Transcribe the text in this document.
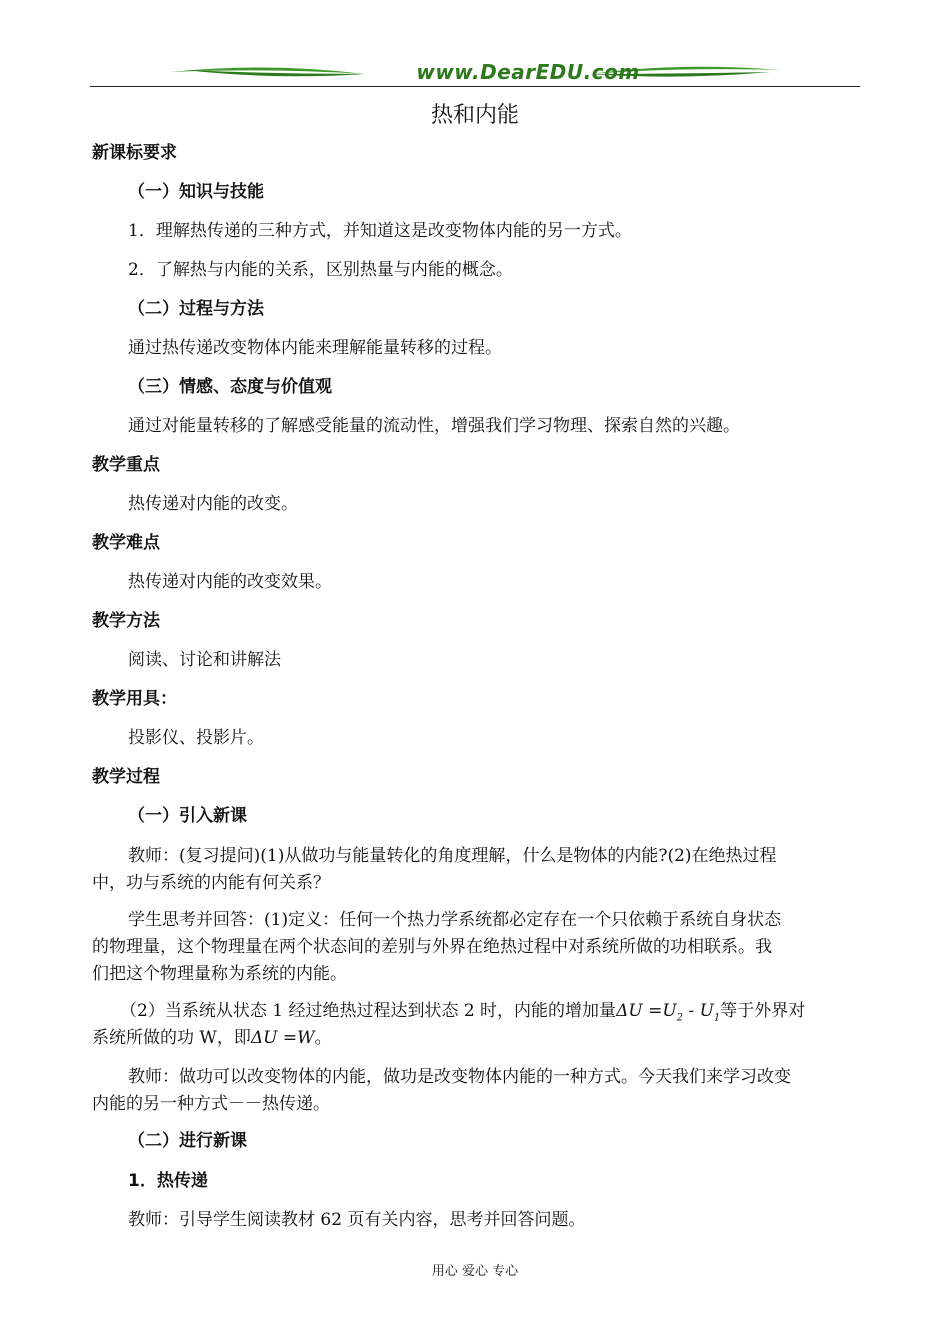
www.DearEDU.com
热和内能
新课标要求
（一）知识与技能
1．理解热传递的三种方式，并知道这是改变物体内能的另一方式。
2．了解热与内能的关系，区别热量与内能的概念。
（二）过程与方法
通过热传递改变物体内能来理解能量转移的过程。
（三）情感、态度与价值观
通过对能量转移的了解感受能量的流动性，增强我们学习物理、探索自然的兴趣。
教学重点
热传递对内能的改变。
教学难点
热传递对内能的改变效果。
教学方法
阅读、讨论和讲解法
教学用具：
投影仪、投影片。
教学过程
（一）引入新课
教师：(复习提问)(1)从做功与能量转化的角度理解，什么是物体的内能?(2)在绝热过程
中，功与系统的内能有何关系？
学生思考并回答：(1)定义：任何一个热力学系统都必定存在一个只依赖于系统自身状态
的物理量，这个物理量在两个状态间的差别与外界在绝热过程中对系统所做的功相联系。我
们把这个物理量称为系统的内能。
（2）当系统从状态 1 经过绝热过程达到状态 2 时，内能的增加量$\Delta U =U_2 - U_1$等于外界对
系统所做的功 W，即ΔU =W。
教师：做功可以改变物体的内能，做功是改变物体内能的一种方式。今天我们来学习改变
内能的另一种方式－－热传递。
（二）进行新课
1．热传递
教师：引导学生阅读教材 62 页有关内容，思考并回答问题。
用心 爱心 专心
